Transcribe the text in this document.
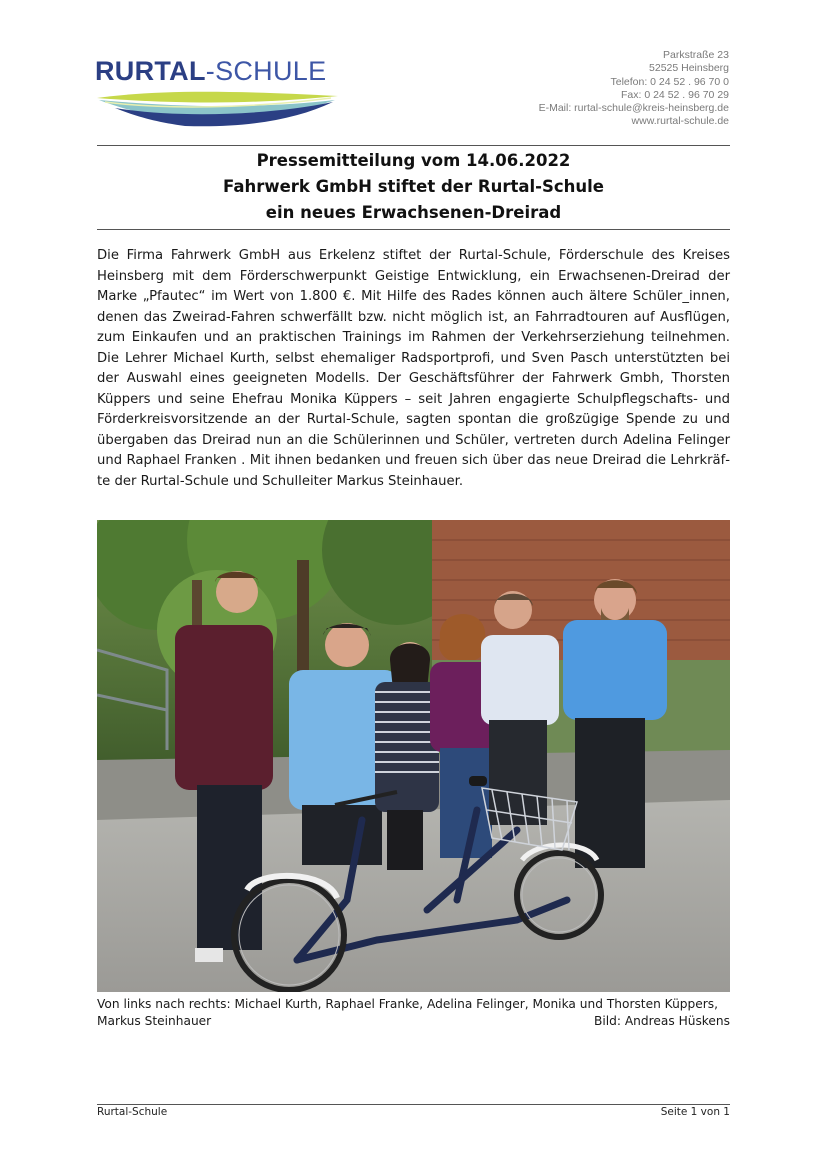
RURTAL-SCHULE
Parkstraße 23
52525 Heinsberg
Telefon: 0 24 52 . 96 70 0
Fax: 0 24 52 . 96 70 29
E-Mail: rurtal-schule@kreis-heinsberg.de
www.rurtal-schule.de
Pressemitteilung vom 14.06.2022
Fahrwerk GmbH stiftet der Rurtal-Schule
ein neues Erwachsenen-Dreirad
Die Firma Fahrwerk GmbH aus Erkelenz stiftet der Rurtal-Schule, Förderschule des Kreises Heinsberg mit dem Förderschwerpunkt Geistige Entwicklung, ein Erwachsenen-Dreirad der Marke „Pfautec“ im Wert von 1.800 €. Mit Hilfe des Rades können auch ältere Schüler_innen, denen das Zweirad-Fahren schwerfällt bzw. nicht möglich ist, an Fahrradtouren auf Ausflügen, zum Einkaufen und an praktischen Trainings im Rahmen der Verkehrserziehung teilnehmen. Die Lehrer Michael Kurth, selbst ehemaliger Radsportprofi, und Sven Pasch unterstützten bei der Auswahl eines geeigneten Modells. Der Geschäftsführer der Fahrwerk Gmbh, Thorsten Küppers und seine Ehefrau Monika Küppers – seit Jahren engagierte Schulpflegschafts- und Förderkreisvorsitzende an der Rurtal-Schule, sagten spontan die großzügige Spende zu und übergaben das Dreirad nun an die Schülerinnen und Schüler, vertreten durch Adelina Felinger und Raphael Franken . Mit ihnen bedanken und freuen sich über das neue Dreirad die Lehrkräfte der Rurtal-Schule und Schulleiter Markus Steinhauer.
Von links nach rechts: Michael Kurth, Raphael Franke, Adelina Felinger, Monika und Thorsten Küppers,
Markus Steinhauer	Bild: Andreas Hüskens
Rurtal-Schule	Seite 1 von 1
